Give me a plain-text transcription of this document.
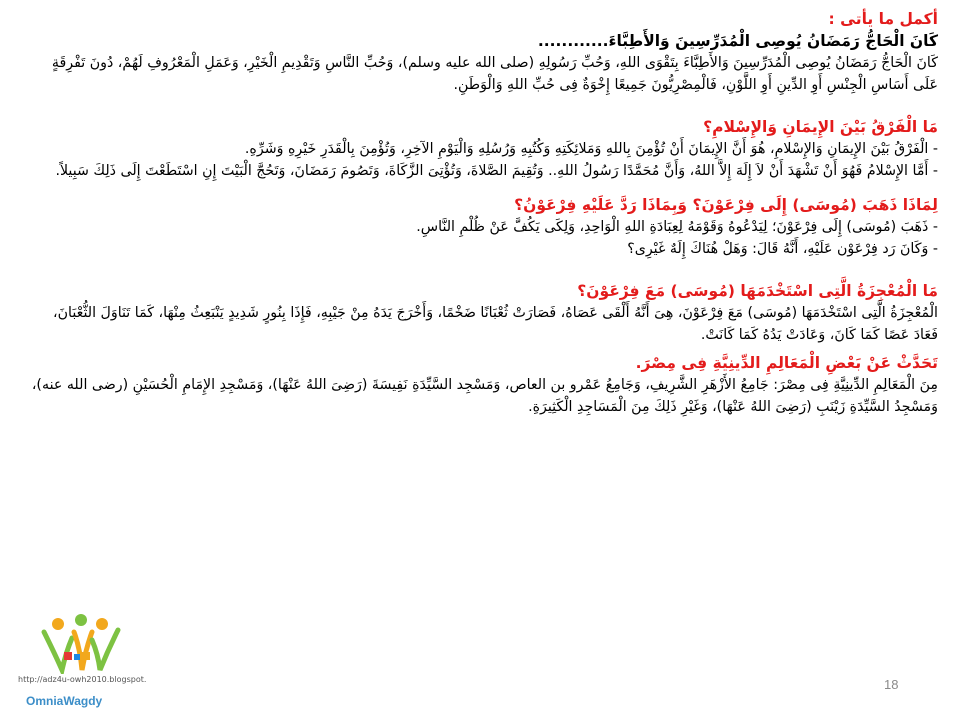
أكمل ما يأتى :

كَانَ الْحَاجُّ رَمَضَانُ يُوصِى الْمُدَرِّسِينَ وَالأَطِبَّاءَ............

كَانَ الْحَاجُّ رَمَضَانُ يُوصِى الْمُدَرِّسِينَ وَالأَطِبَّاءَ بِتَقْوَى اللهِ، وَحُبِّ رَسُولِهِ (صلى الله عليه وسلم)، وَحُبِّ النَّاسِ وَتَقْدِيمِ الْخَيْرِ، وَعَمَلِ الْمَعْرُوفِ لَهُمْ، دُونَ تَفْرِقَةٍ عَلَى أَسَاسِ الْجِنْسِ أَوِ الدِّينِ أَوِ اللَّوْنِ، فَالْمِصْرِيُّونَ جَمِيعًا إِخْوَةٌ فِى حُبِّ اللهِ وَالْوَطَنِ.

مَا الْفَرْقُ بَيْنَ الإِيمَانِ وَالإِسْلامِ؟

- الْفَرْقُ بَيْنَ الإِيمَانِ وَالإِسْلامِ، هُوَ أَنَّ الإِيمَانَ أَنْ تُؤْمِنَ بِاللهِ وَمَلائِكَتِهِ وَكُتُبِهِ وَرُسُلِهِ وَالْيَوْمِ الآخِرِ، وَتُؤْمِنَ بِالْقَدَرِ خَيْرِهِ وَشَرِّهِ.

- أَمَّا الإِسْلامُ فَهُوَ أَنْ تَشْهَدَ أَنْ لاَ إِلَهَ إِلاَّ اللهُ، وَأَنَّ مُحَمَّدًا رَسُولُ اللهِ.. وَتُقِيمَ الصَّلاةَ، وَتُؤْتِىَ الزَّكَاةَ، وَتَصُومَ رَمَضَانَ، وَتَحُجَّ الْبَيْتَ إِنِ اسْتَطَعْتَ إِلَى ذَلِكَ سَبِيلاً.

لِمَاذَا ذَهَبَ (مُوسَى) إِلَى فِرْعَوْنَ؟ وَبِمَاذَا رَدَّ عَلَيْهِ فِرْعَوْنُ؟

- ذَهَبَ (مُوسَى) إِلَى فِرْعَوْنَ؛ لِيَدْعُوهُ وَقَوْمَهُ لِعِبَادَةِ اللهِ الْوَاحِدِ، وَلِكَى يَكُفَّ عَنْ ظُلْمِ النَّاسِ.

- وَكَانَ رَد فِرْعَوْن عَلَيْهِ، أَنَّهُ قَالَ: وَهَلْ هُنَاكَ إِلَهٌ غَيْرِى؟

مَا الْمُعْجِزَةُ الَّتِى اسْتَخْدَمَهَا (مُوسَى) مَعَ فِرْعَوْنَ؟

الْمُعْجِزَةُ الَّتِى اسْتَخْدَمَهَا (مُوسَى) مَعَ فِرْعَوْنَ، هِىَ أَنَّهُ أَلْقَى عَصَاهُ، فَصَارَتْ ثُعْبَانًا ضَخْمًا، وَأَخْرَجَ يَدَهُ مِنْ جَيْبِهِ، فَإِذَا بِنُورٍ شَدِيدٍ يَنْبَعِثُ مِنْهَا، كَمَا تَنَاوَلَ الثُّعْبَانَ، فَعَادَ عَصًا كَمَا كَانَ، وَعَادَتْ يَدُهُ كَمَا كَانَتْ.

تَحَدَّثْ عَنْ بَعْضِ الْمَعَالِمِ الدِّينِيَّةِ فِى مِصْرَ.

مِنَ الْمَعَالِمِ الدِّينِيَّةِ فِى مِصْرَ: جَامِعُ الأَزْهَرِ الشَّرِيفِ، وَجَامِعُ عَمْرو بن العاص، وَمَسْجِد السَّيِّدَةِ نَفِيسَةَ (رَضِىَ اللهُ عَنْهَا)، وَمَسْجِدِ الإِمَامِ الْحُسَيْنِ (رضى الله عنه)، وَمَسْجِدُ السَّيِّدَةِ زَيْنَبِ (رَضِىَ اللهُ عَنْهَا)، وَغَيْرِ ذَلِكَ مِنَ الْمَسَاجِدِ الْكَثِيرَةِ.

http://adz4u-owh2010.blogspot.
OmniaWagdy
18
